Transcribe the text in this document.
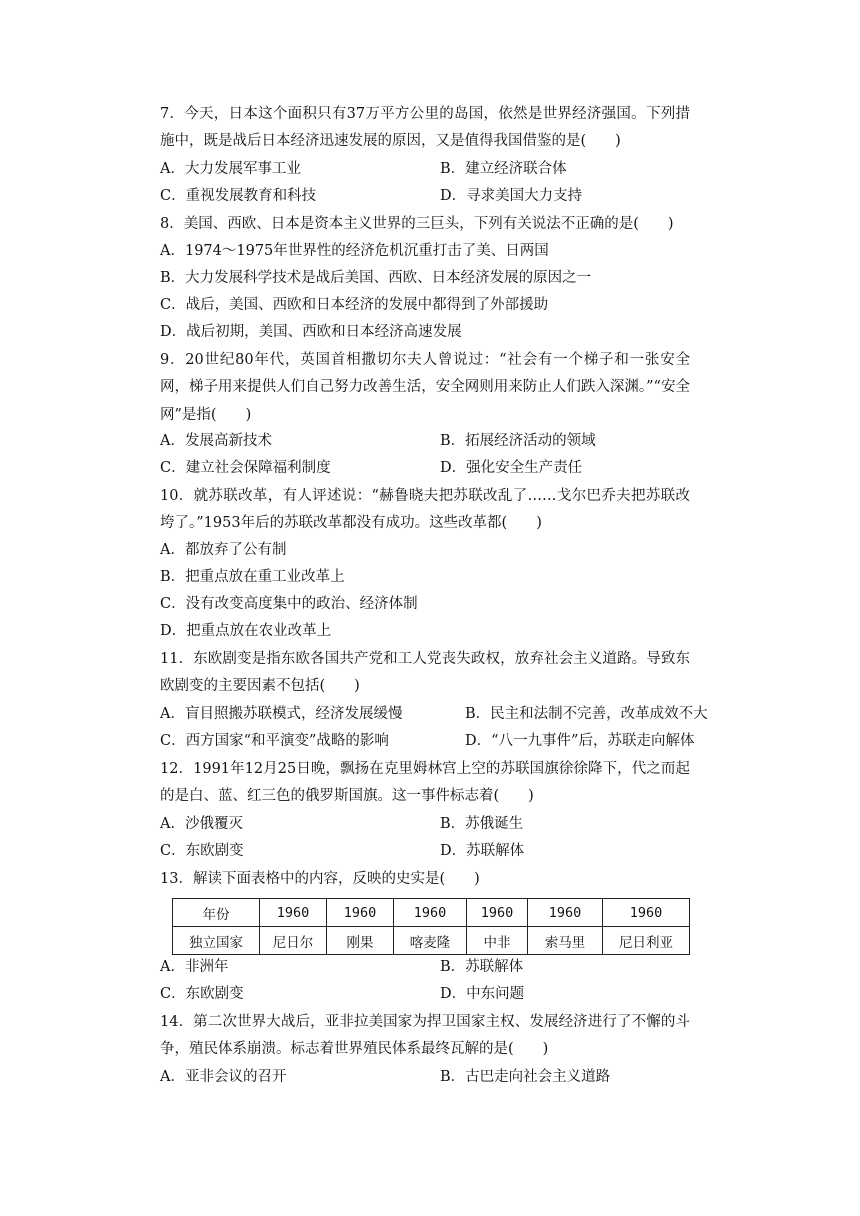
7．今天，日本这个面积只有37万平方公里的岛国，依然是世界经济强国。下列措施中，既是战后日本经济迅速发展的原因，又是值得我国借鉴的是(　　)

A．大力发展军事工业	B．建立经济联合体
C．重视发展教育和科技	D．寻求美国大力支持

8．美国、西欧、日本是资本主义世界的三巨头，下列有关说法不正确的是(　　)

A．1974～1975年世界性的经济危机沉重打击了美、日两国
B．大力发展科学技术是战后美国、西欧、日本经济发展的原因之一
C．战后，美国、西欧和日本经济的发展中都得到了外部援助
D．战后初期，美国、西欧和日本经济高速发展

9．20世纪80年代，英国首相撒切尔夫人曾说过：“社会有一个梯子和一张安全网，梯子用来提供人们自己努力改善生活，安全网则用来防止人们跌入深渊。”“安全网”是指(　　)

A．发展高新技术	B．拓展经济活动的领域
C．建立社会保障福利制度	D．强化安全生产责任

10．就苏联改革，有人评述说：“赫鲁晓夫把苏联改乱了……戈尔巴乔夫把苏联改垮了。”1953年后的苏联改革都没有成功。这些改革都(　　)

A．都放弃了公有制
B．把重点放在重工业改革上
C．没有改变高度集中的政治、经济体制
D．把重点放在农业改革上

11．东欧剧变是指东欧各国共产党和工人党丧失政权，放弃社会主义道路。导致东欧剧变的主要因素不包括(　　)

A．盲目照搬苏联模式，经济发展缓慢	B．民主和法制不完善，改革成效不大
C．西方国家“和平演变”战略的影响	D．“八一九事件”后，苏联走向解体

12．1991年12月25日晚，飘扬在克里姆林宫上空的苏联国旗徐徐降下，代之而起的是白、蓝、红三色的俄罗斯国旗。这一事件标志着(　　)

A．沙俄覆灭	B．苏俄诞生
C．东欧剧变	D．苏联解体

13．解读下面表格中的内容，反映的史实是(　　)

年份	1960	1960	1960	1960	1960	1960
独立国家	尼日尔	刚果	喀麦隆	中非	索马里	尼日利亚
A．非洲年	B．苏联解体
C．东欧剧变	D．中东问题

14．第二次世界大战后，亚非拉美国家为捍卫国家主权、发展经济进行了不懈的斗争，殖民体系崩溃。标志着世界殖民体系最终瓦解的是(　　)

A．亚非会议的召开	B．古巴走向社会主义道路
